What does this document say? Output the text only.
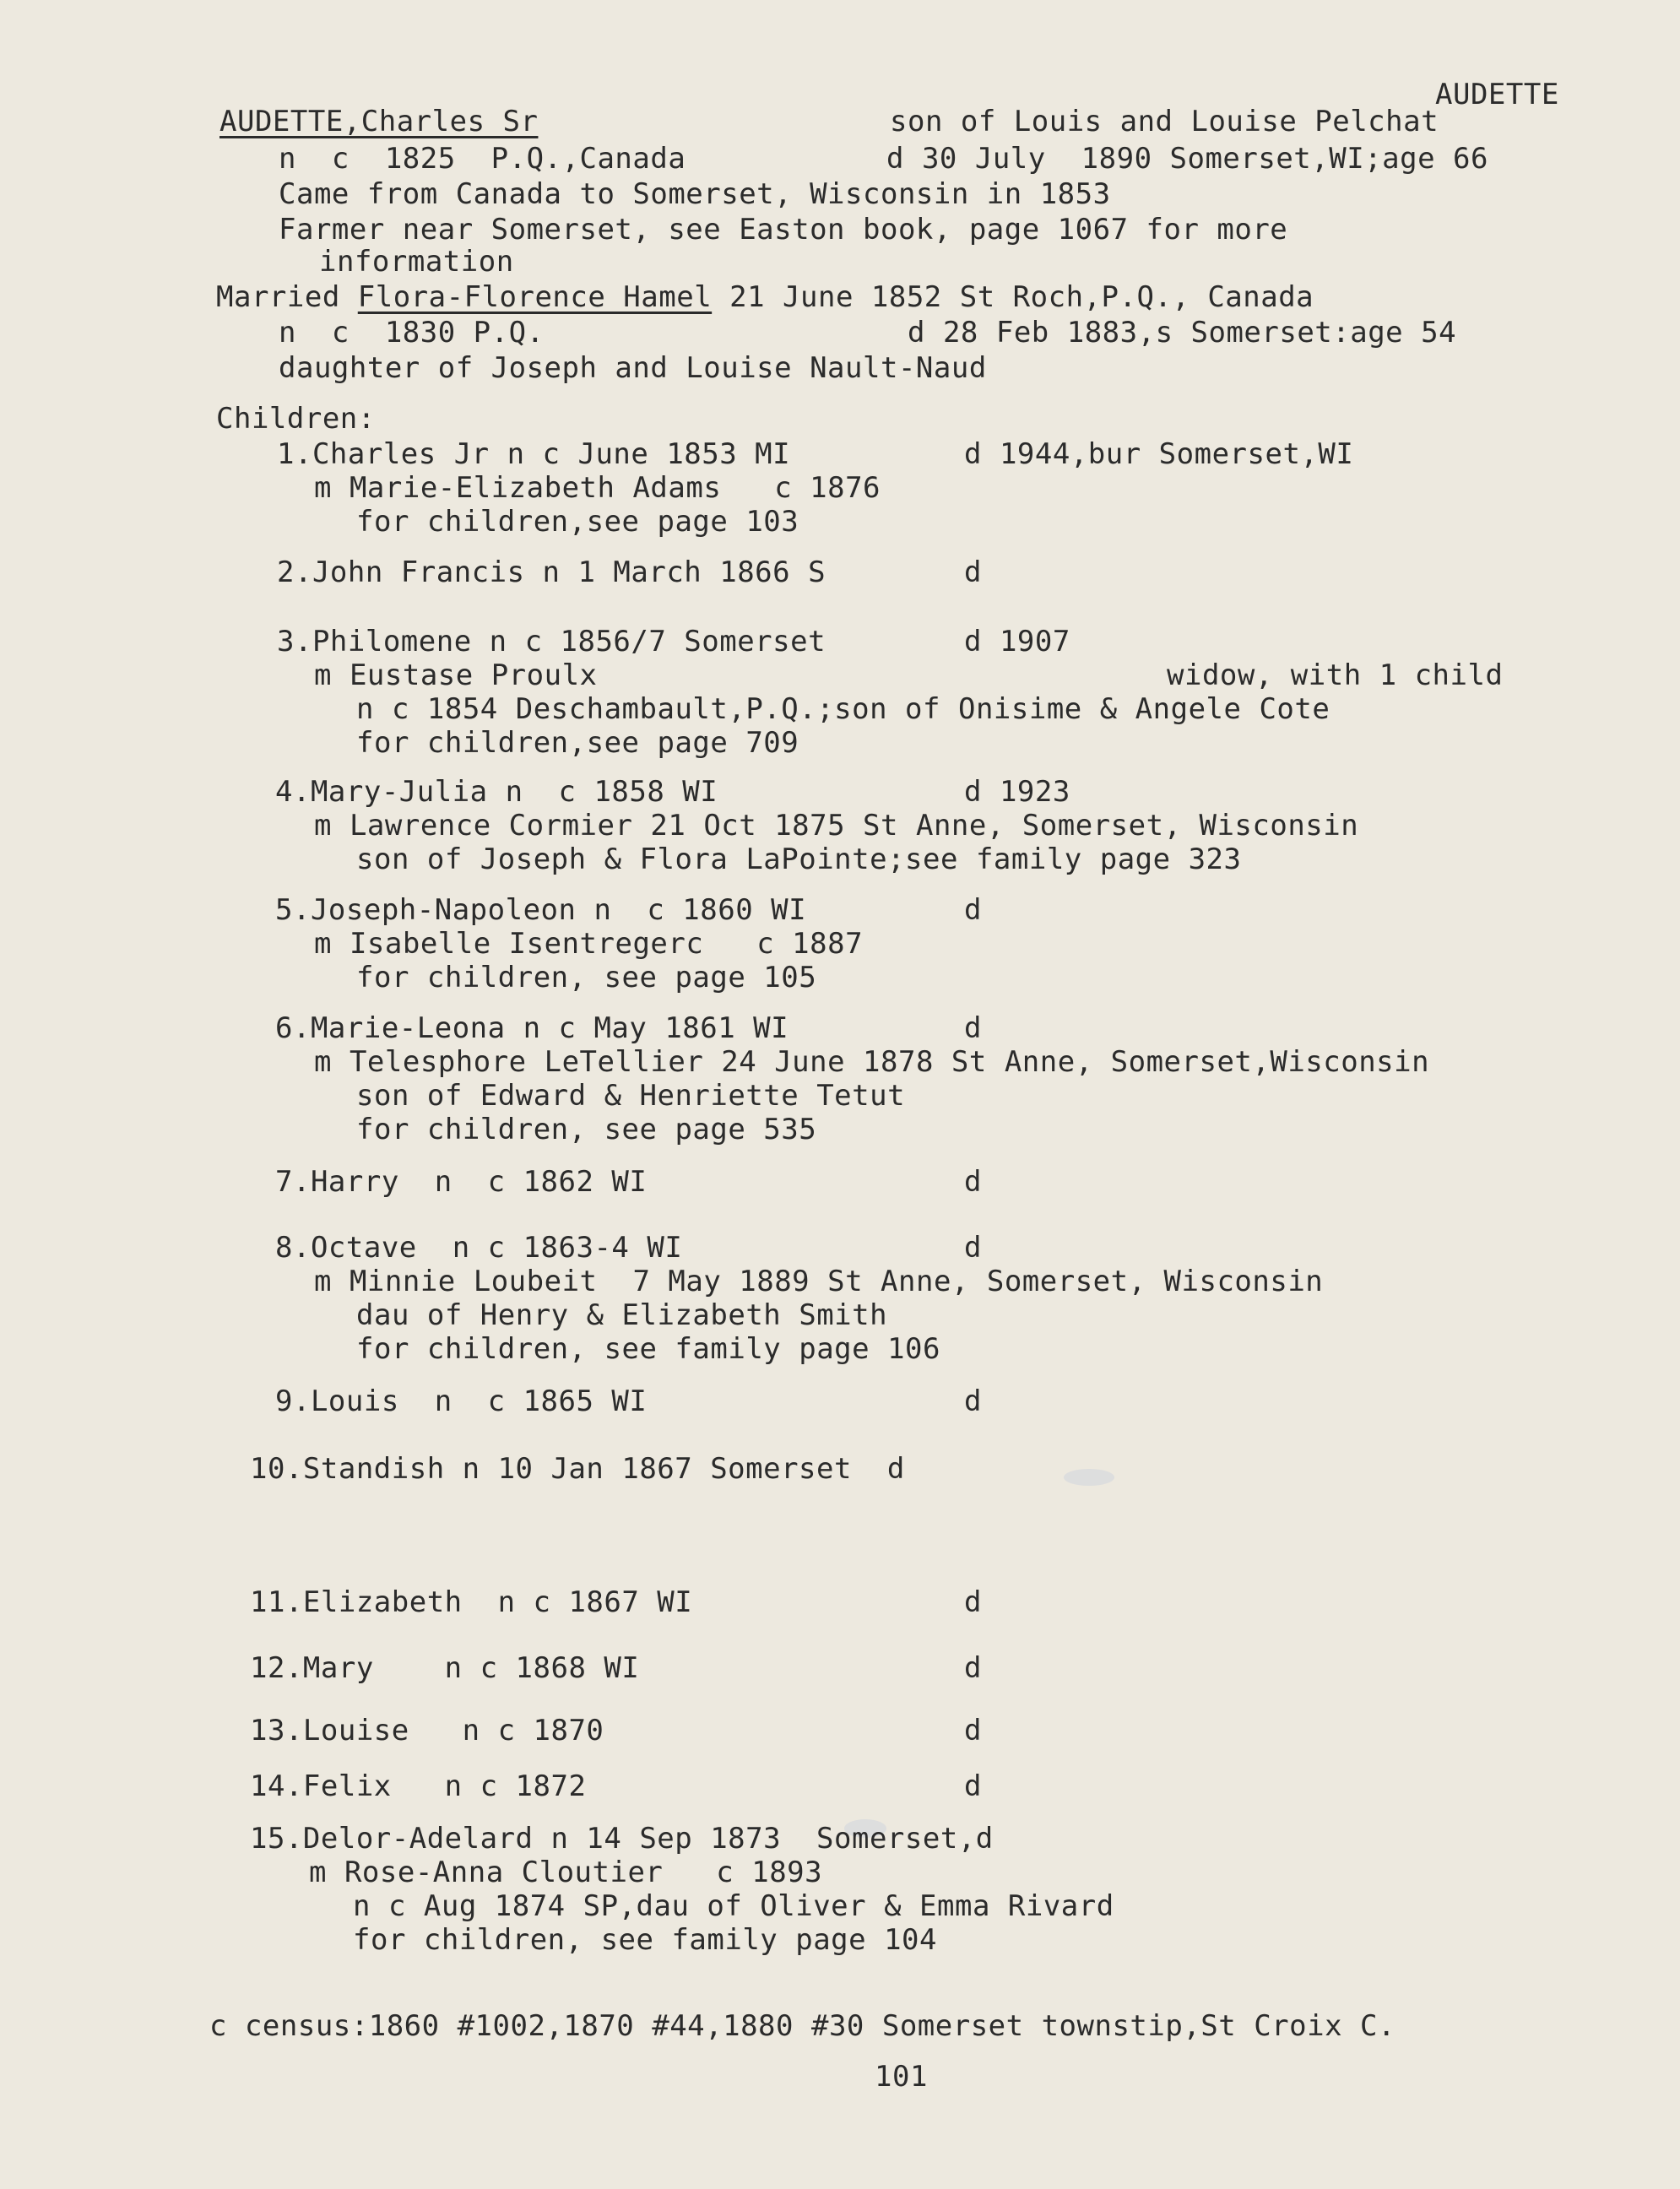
AUDETTE
AUDETTE,Charles Sr	son of Louis and Louise Pelchat
n  c  1825  P.Q.,Canada	d 30 July  1890 Somerset,WI;age 66
Came from Canada to Somerset, Wisconsin in 1853
Farmer near Somerset, see Easton book, page 1067 for more
information
Married Flora-Florence Hamel 21 June 1852 St Roch,P.Q., Canada
n  c  1830 P.Q.	d 28 Feb 1883,s Somerset:age 54
daughter of Joseph and Louise Nault-Naud
Children:
1.Charles Jr n c June 1853 MI	d 1944,bur Somerset,WI
m Marie-Elizabeth Adams   c 1876
for children,see page 103
2.John Francis n 1 March 1866 S	d
3.Philomene n c 1856/7 Somerset	d 1907
m Eustase Proulx	widow, with 1 child
n c 1854 Deschambault,P.Q.;son of Onisime & Angele Cote
for children,see page 709
4.Mary-Julia n  c 1858 WI	d 1923
m Lawrence Cormier 21 Oct 1875 St Anne, Somerset, Wisconsin
son of Joseph & Flora LaPointe;see family page 323
5.Joseph-Napoleon n  c 1860 WI	d
m Isabelle Isentregerc   c 1887
for children, see page 105
6.Marie-Leona n c May 1861 WI	d
m Telesphore LeTellier 24 June 1878 St Anne, Somerset,Wisconsin
son of Edward & Henriette Tetut
for children, see page 535
7.Harry  n  c 1862 WI	d
8.Octave  n c 1863-4 WI	d
m Minnie Loubeit  7 May 1889 St Anne, Somerset, Wisconsin
dau of Henry & Elizabeth Smith
for children, see family page 106
9.Louis  n  c 1865 WI	d
10.Standish n 10 Jan 1867 Somerset  d
11.Elizabeth  n c 1867 WI	d
12.Mary    n c 1868 WI	d
13.Louise   n c 1870	d
14.Felix   n c 1872	d
15.Delor-Adelard n 14 Sep 1873  Somerset,d
m Rose-Anna Cloutier   c 1893
n c Aug 1874 SP,dau of Oliver & Emma Rivard
for children, see family page 104
c census:1860 #1002,1870 #44,1880 #30 Somerset townstip,St Croix C.
101
